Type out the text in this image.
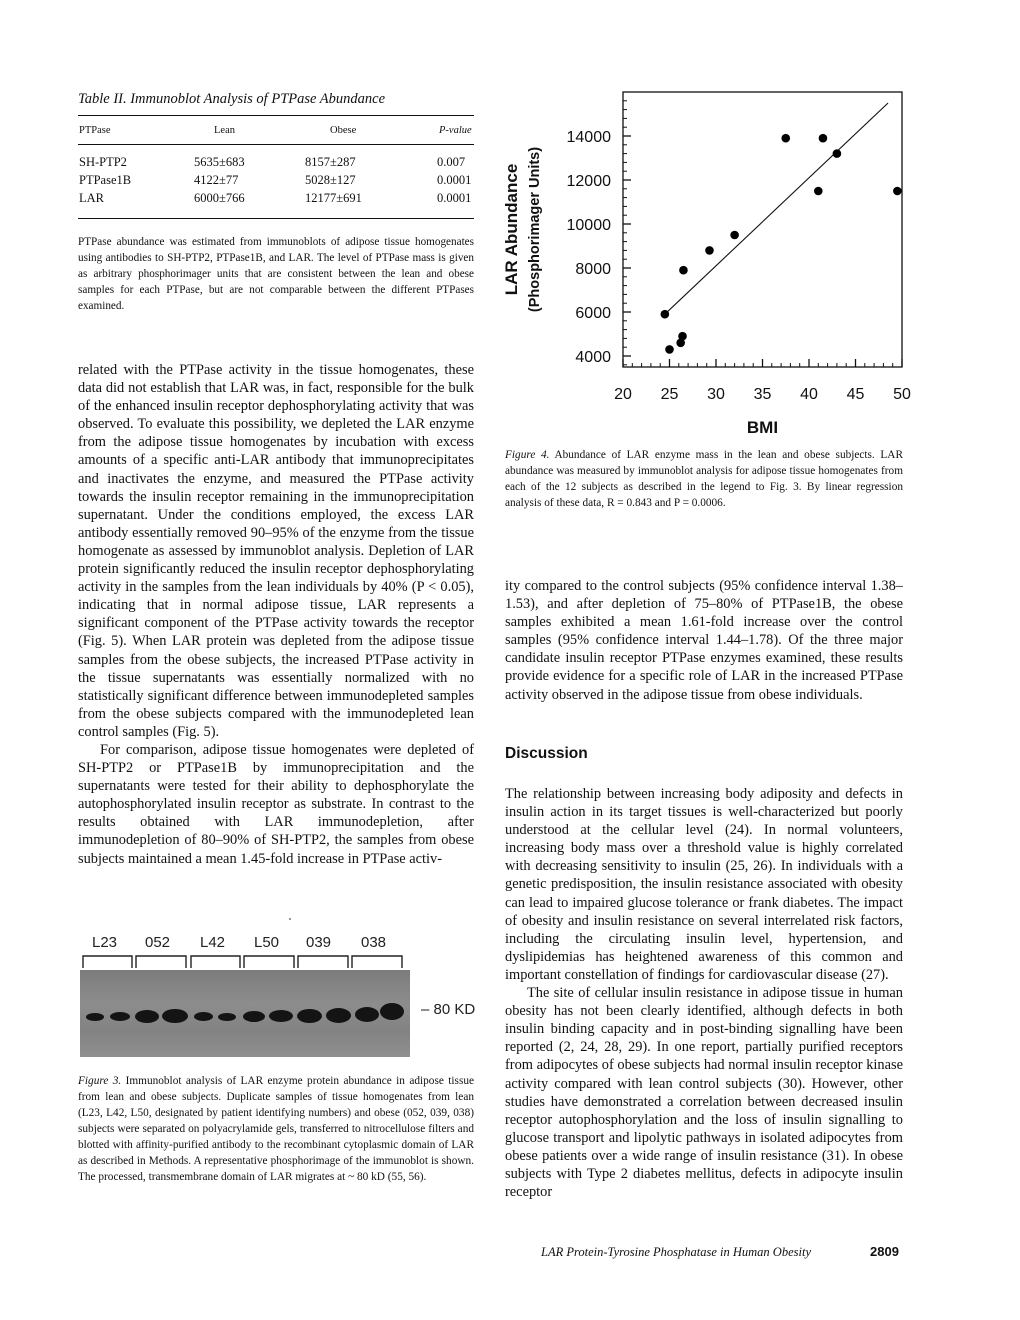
Table II. Immunoblot Analysis of PTPase Abundance
PTPase	Lean	Obese	P-value
SH-PTP2	5635±683	8157±287	0.007
PTPase1B	4122±77	5028±127	0.0001
LAR	6000±766	12177±691	0.0001
PTPase abundance was estimated from immunoblots of adipose tissue homogenates using antibodies to SH-PTP2, PTPase1B, and LAR. The level of PTPase mass is given as arbitrary phosphorimager units that are consistent between the lean and obese samples for each PTPase, but are not comparable between the different PTPases examined.

related with the PTPase activity in the tissue homogenates, these data did not establish that LAR was, in fact, responsible for the bulk of the enhanced insulin receptor dephosphorylating activity that was observed. To evaluate this possibility, we depleted the LAR enzyme from the adipose tissue homogenates by incubation with excess amounts of a specific anti-LAR antibody that immunoprecipitates and inactivates the enzyme, and measured the PTPase activity towards the insulin receptor remaining in the immunoprecipitation supernatant. Under the conditions employed, the excess LAR antibody essentially removed 90–95% of the enzyme from the tissue homogenate as assessed by immunoblot analysis. Depletion of LAR protein significantly reduced the insulin receptor dephosphorylating activity in the samples from the lean individuals by 40% (P < 0.05), indicating that in normal adipose tissue, LAR represents a significant component of the PTPase activity towards the receptor (Fig. 5). When LAR protein was depleted from the adipose tissue samples from the obese subjects, the increased PTPase activity in the tissue supernatants was essentially normalized with no statistically significant difference between immunodepleted samples from the obese subjects compared with the immunodepleted lean control samples (Fig. 5).

For comparison, adipose tissue homogenates were depleted of SH-PTP2 or PTPase1B by immunoprecipitation and the supernatants were tested for their ability to dephosphorylate the autophosphorylated insulin receptor as substrate. In contrast to the results obtained with LAR immunodepletion, after immunodepletion of 80–90% of SH-PTP2, the samples from obese subjects maintained a mean 1.45-fold increase in PTPase activ-

L23 052 L42 L50 039 038
– 80 KD
Figure 3. Immunoblot analysis of LAR enzyme protein abundance in adipose tissue from lean and obese subjects. Duplicate samples of tissue homogenates from lean (L23, L42, L50, designated by patient identifying numbers) and obese (052, 039, 038) subjects were separated on polyacrylamide gels, transferred to nitrocellulose filters and blotted with affinity-purified antibody to the recombinant cytoplasmic domain of LAR as described in Methods. A representative phosphorimage of the immunoblot is shown. The processed, transmembrane domain of LAR migrates at ~ 80 kD (55, 56).
4000
6000
8000
10000
12000
14000
20 25 30 35 40 45 50
BMI
LAR Abundance (Phosphorimager Units)
Figure 4. Abundance of LAR enzyme mass in the lean and obese subjects. LAR abundance was measured by immunoblot analysis for adipose tissue homogenates from each of the 12 subjects as described in the legend to Fig. 3. By linear regression analysis of these data, R = 0.843 and P = 0.0006.

ity compared to the control subjects (95% confidence interval 1.38–1.53), and after depletion of 75–80% of PTPase1B, the obese samples exhibited a mean 1.61-fold increase over the control samples (95% confidence interval 1.44–1.78). Of the three major candidate insulin receptor PTPase enzymes examined, these results provide evidence for a specific role of LAR in the increased PTPase activity observed in the adipose tissue from obese individuals.

Discussion

The relationship between increasing body adiposity and defects in insulin action in its target tissues is well-characterized but poorly understood at the cellular level (24). In normal volunteers, increasing body mass over a threshold value is highly correlated with decreasing sensitivity to insulin (25, 26). In individuals with a genetic predisposition, the insulin resistance associated with obesity can lead to impaired glucose tolerance or frank diabetes. The impact of obesity and insulin resistance on several interrelated risk factors, including the circulating insulin level, hypertension, and dyslipidemias has heightened awareness of this common and important constellation of findings for cardiovascular disease (27).

The site of cellular insulin resistance in adipose tissue in human obesity has not been clearly identified, although defects in both insulin binding capacity and in post-binding signalling have been reported (2, 24, 28, 29). In one report, partially purified receptors from adipocytes of obese subjects had normal insulin receptor kinase activity compared with lean control subjects (30). However, other studies have demonstrated a correlation between decreased insulin receptor autophosphorylation and the loss of insulin signalling to glucose transport and lipolytic pathways in isolated adipocytes from obese patients over a wide range of insulin resistance (31). In obese subjects with Type 2 diabetes mellitus, defects in adipocyte insulin receptor

LAR Protein-Tyrosine Phosphatase in Human Obesity	2809
